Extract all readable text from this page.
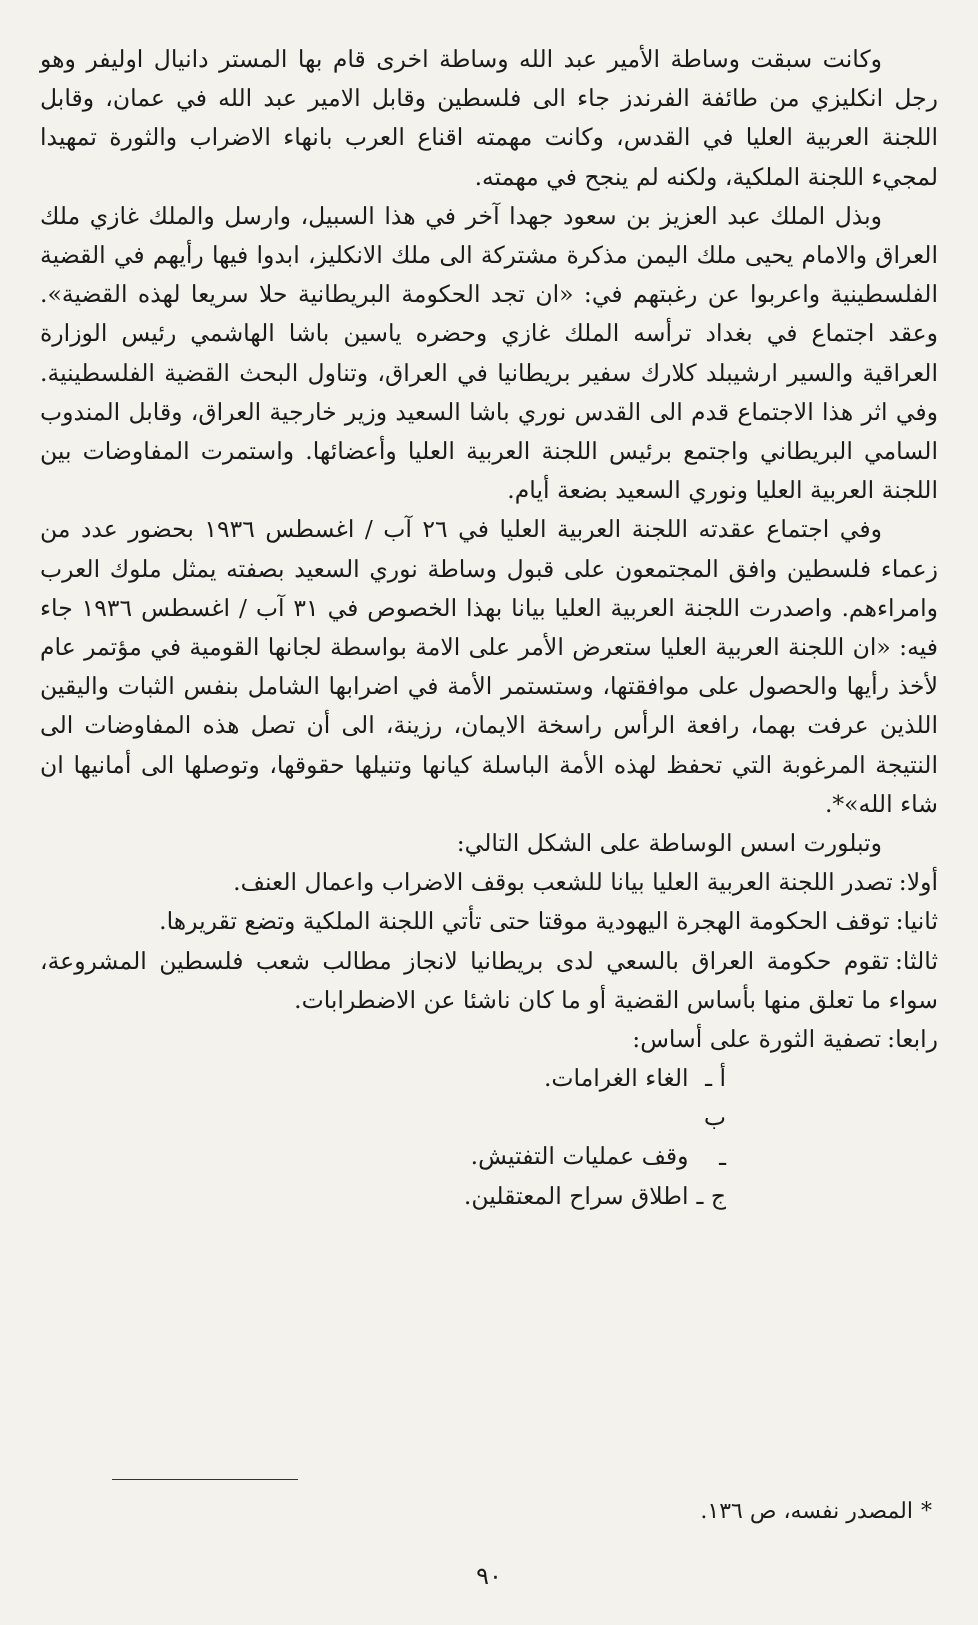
وكانت سبقت وساطة الأمير عبد الله وساطة اخرى قام بها المستر دانيال اوليفر وهو رجل انكليزي من طائفة الفرندز جاء الى فلسطين وقابل الامير عبد الله في عمان، وقابل اللجنة العربية العليا في القدس، وكانت مهمته اقناع العرب بانهاء الاضراب والثورة تمهيدا لمجيء اللجنة الملكية، ولكنه لم ينجح في مهمته.

وبذل الملك عبد العزيز بن سعود جهدا آخر في هذا السبيل، وارسل والملك غازي ملك العراق والامام يحيى ملك اليمن مذكرة مشتركة الى ملك الانكليز، ابدوا فيها رأيهم في القضية الفلسطينية واعربوا عن رغبتهم في: «ان تجد الحكومة البريطانية حلا سريعا لهذه القضية». وعقد اجتماع في بغداد ترأسه الملك غازي وحضره ياسين باشا الهاشمي رئيس الوزارة العراقية والسير ارشيبلد كلارك سفير بريطانيا في العراق، وتناول البحث القضية الفلسطينية. وفي اثر هذا الاجتماع قدم الى القدس نوري باشا السعيد وزير خارجية العراق، وقابل المندوب السامي البريطاني واجتمع برئيس اللجنة العربية العليا وأعضائها. واستمرت المفاوضات بين اللجنة العربية العليا ونوري السعيد بضعة أيام.

وفي اجتماع عقدته اللجنة العربية العليا في ٢٦ آب / اغسطس ١٩٣٦ بحضور عدد من زعماء فلسطين وافق المجتمعون على قبول وساطة نوري السعيد بصفته يمثل ملوك العرب وامراءهم. واصدرت اللجنة العربية العليا بيانا بهذا الخصوص في ٣١ آب / اغسطس ١٩٣٦ جاء فيه: «ان اللجنة العربية العليا ستعرض الأمر على الامة بواسطة لجانها القومية في مؤتمر عام لأخذ رأيها والحصول على موافقتها، وستستمر الأمة في اضرابها الشامل بنفس الثبات واليقين اللذين عرفت بهما، رافعة الرأس راسخة الايمان، رزينة، الى أن تصل هذه المفاوضات الى النتيجة المرغوبة التي تحفظ لهذه الأمة الباسلة كيانها وتنيلها حقوقها، وتوصلها الى أمانيها ان شاء الله»*.

وتبلورت اسس الوساطة على الشكل التالي:

أولا:تصدر اللجنة العربية العليا بيانا للشعب بوقف الاضراب واعمال العنف.

ثانيا:توقف الحكومة الهجرة اليهودية موقتا حتى تأتي اللجنة الملكية وتضع تقريرها.

ثالثا:تقوم حكومة العراق بالسعي لدى بريطانيا لانجاز مطالب شعب فلسطين المشروعة، سواء ما تعلق منها بأساس القضية أو ما كان ناشئا عن الاضطرابات.

رابعا:تصفية الثورة على أساس:

أ ـ الغاء الغرامات.

ب ـ وقف عمليات التفتيش.

ج ـ اطلاق سراح المعتقلين.

*المصدر نفسه، ص ١٣٦.
٩٠
